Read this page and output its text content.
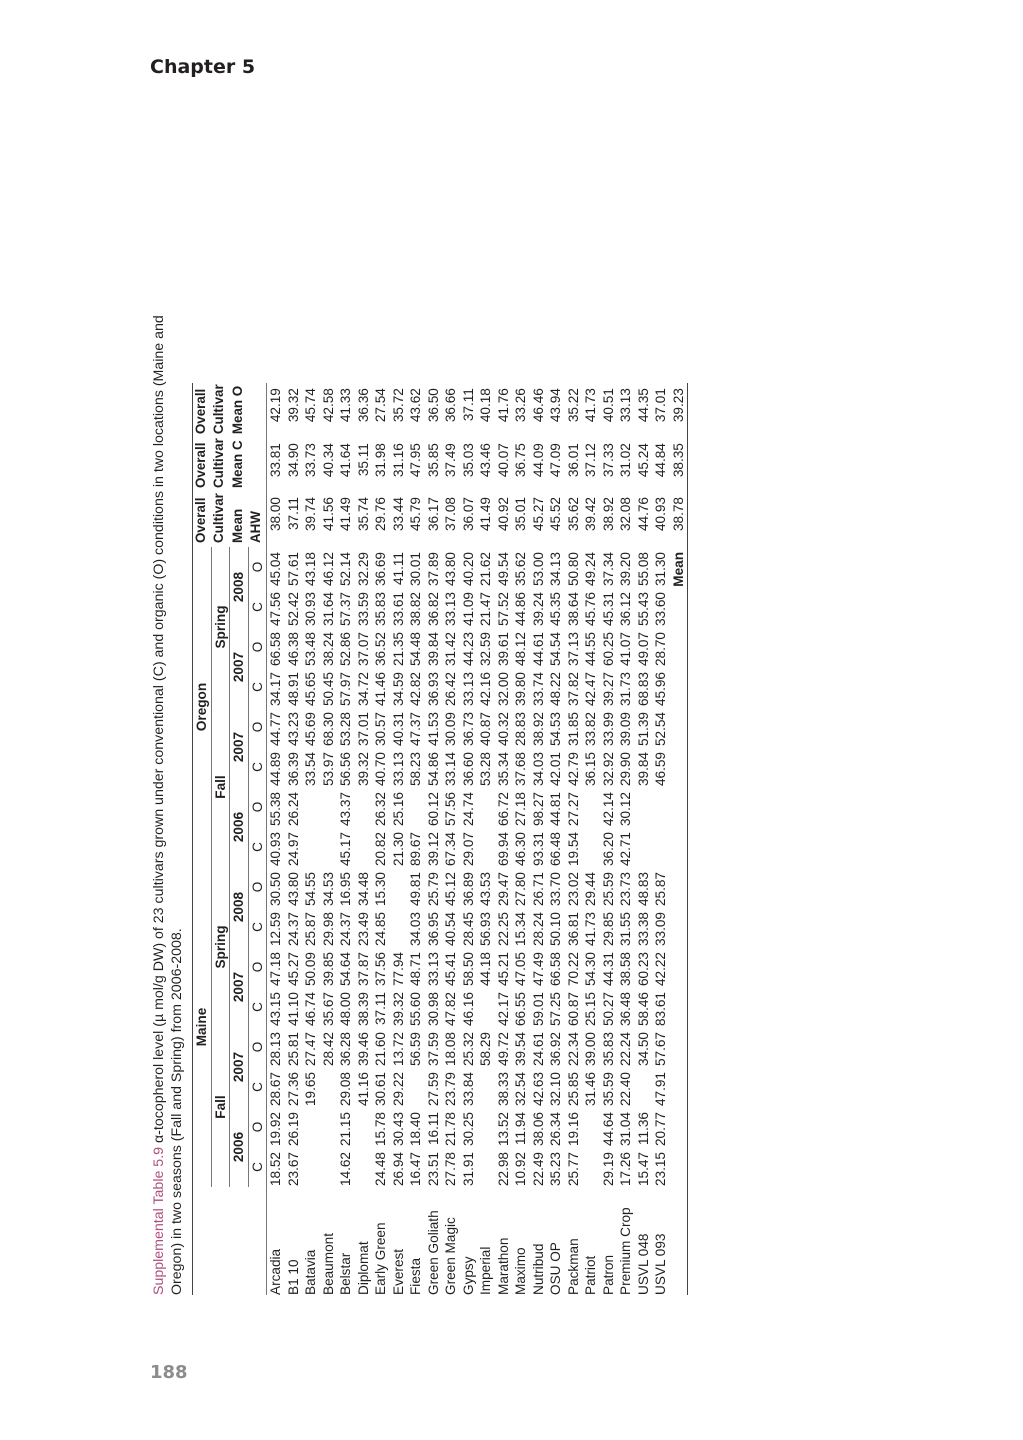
Chapter 5
188
Supplemental Table 5.9 α-tocopherol level (µ mol/g DW) of 23 cultivars grown under conventional (C) and organic (O) conditions in two locations (Maine and Oregon) in two seasons (Fall and Spring) from 2006-2008.
	Maine								Oregon								Overall	Overall	Overall
	Fall				Spring				Fall				Spring				Cultivar	Cultivar	Cultivar
	2006		2007		2007		2008		2006		2007		2007		2008		Mean	Mean C	Mean O
	C	O	C	O	C	O	C	O	C	O	C	O	C	O	C	O	AHW		
Arcadia	18.52	19.92	28.67	28.13	43.15	47.18	12.59	30.50	40.93	55.38	44.89	44.77	34.17	66.58	47.56	45.04	38.00	33.81	42.19
B1 10	23.67	26.19	27.36	25.81	41.10	45.27	24.37	43.80	24.97	26.24	36.39	43.23	48.91	46.38	52.42	57.61	37.11	34.90	39.32
Batavia			19.65	27.47	46.74	50.09	25.87	54.55			33.54	45.69	45.65	53.48	30.93	43.18	39.74	33.73	45.74
Beaumont				28.42	35.67	39.85	29.98	34.53			53.97	68.30	50.45	38.24	31.64	46.12	41.56	40.34	42.58
Belstar	14.62	21.15	29.08	36.28	48.00	54.64	24.37	16.95	45.17	43.37	56.56	53.28	57.97	52.86	57.37	52.14	41.49	41.64	41.33
Diplomat			41.16	39.46	38.39	37.87	23.49	34.48			39.32	37.01	34.72	37.07	33.59	32.29	35.74	35.11	36.36
Early Green	24.48	15.78	30.61	21.60	37.11	37.56	24.85	15.30	20.82	26.32	40.70	30.57	41.46	36.52	35.83	36.69	29.76	31.98	27.54
Everest	26.94	30.43	29.22	13.72	39.32	77.94			21.30	25.16	33.13	40.31	34.59	21.35	33.61	41.11	33.44	31.16	35.72
Fiesta	16.47	18.40		56.59	55.60	48.71	34.03	49.81	89.67		58.23	47.37	42.82	54.48	38.82	30.01	45.79	47.95	43.62
Green Goliath	23.51	16.11	27.59	37.59	30.98	33.13	36.95	25.79	39.12	60.12	54.86	41.53	36.93	39.84	36.82	37.89	36.17	35.85	36.50
Green Magic	27.78	21.78	23.79	18.08	47.82	45.41	40.54	45.12	67.34	57.56	33.14	30.09	26.42	31.42	33.13	43.80	37.08	37.49	36.66
Gypsy	31.91	30.25	33.84	25.32	46.16	58.50	28.45	36.89	29.07	24.74	36.60	36.73	33.13	44.23	41.09	40.20	36.07	35.03	37.11
Imperial				58.29		44.18	56.93	43.53			53.28	40.87	42.16	32.59	21.47	21.62	41.49	43.46	40.18
Marathon	22.98	13.52	38.33	49.72	42.17	45.21	22.25	29.47	69.94	66.72	35.34	40.32	32.00	39.61	57.52	49.54	40.92	40.07	41.76
Maximo	10.92	11.94	32.54	39.54	66.55	47.05	15.34	27.80	46.30	27.18	37.68	28.83	39.80	48.12	44.86	35.62	35.01	36.75	33.26
Nutribud	22.49	38.06	42.63	24.61	59.01	47.49	28.24	26.71	93.31	98.27	34.03	38.92	33.74	44.61	39.24	53.00	45.27	44.09	46.46
OSU OP	35.23	26.34	32.10	36.92	57.25	66.58	50.10	33.70	66.48	44.81	42.01	54.53	48.22	54.54	45.35	34.13	45.52	47.09	43.94
Packman	25.77	19.16	25.85	22.34	60.87	70.22	36.81	23.02	19.54	27.27	42.79	31.85	37.82	37.13	38.64	50.80	35.62	36.01	35.22
Patriot			31.46	39.00	25.15	54.30	41.73	29.44			36.15	33.82	42.47	44.55	45.76	49.24	39.42	37.12	41.73
Patron	29.19	44.64	35.59	35.83	50.27	44.31	29.85	25.59	36.20	42.14	32.92	33.99	39.27	60.25	45.31	37.34	38.92	37.33	40.51
Premium Crop	17.26	31.04	22.40	22.24	36.48	38.58	31.55	23.73	42.71	30.12	29.90	39.09	31.73	41.07	36.12	39.20	32.08	31.02	33.13
USVL 048	15.47	11.36		34.50	58.46	60.23	33.38	48.83			39.84	51.39	68.83	49.07	55.43	55.08	44.76	45.24	44.35
USVL 093	23.15	20.77	47.91	57.67	83.61	42.22	33.09	25.87			46.59	52.54	45.96	28.70	33.60	31.30	40.93	44.84	37.01
																Mean	38.78	38.35	39.23
